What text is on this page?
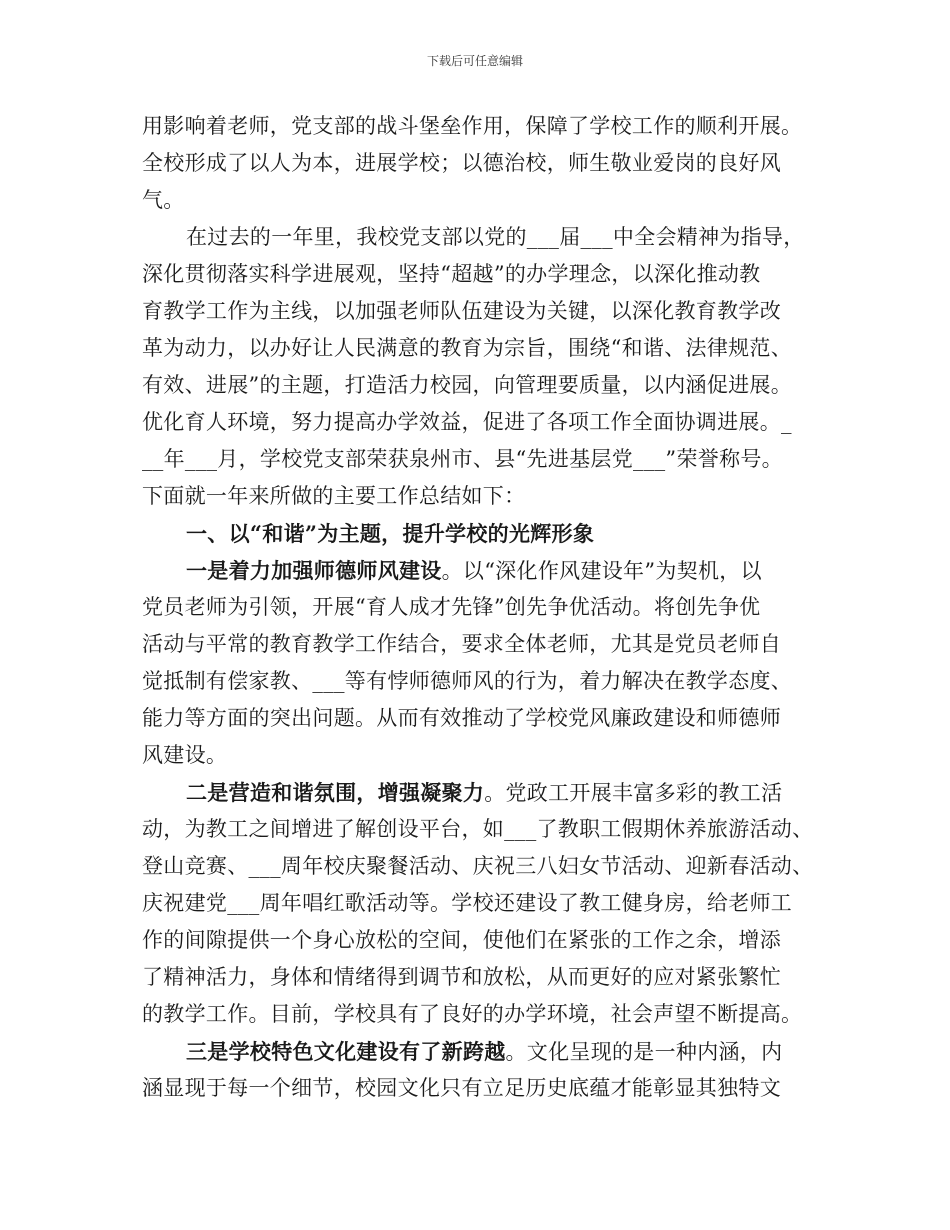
下载后可任意编辑
用影响着老师，党支部的战斗堡垒作用，保障了学校工作的顺利开展。
全校形成了以人为本，进展学校；以德治校，师生敬业爱岗的良好风
气。
在过去的一年里，我校党支部以党的___届___中全会精神为指导，
深化贯彻落实科学进展观，坚持“超越”的办学理念，以深化推动教
育教学工作为主线，以加强老师队伍建设为关键，以深化教育教学改
革为动力，以办好让人民满意的教育为宗旨，围绕“和谐、法律规范、
有效、进展”的主题，打造活力校园，向管理要质量，以内涵促进展。
优化育人环境，努力提高办学效益，促进了各项工作全面协调进展。_
__年___月，学校党支部荣获泉州市、县“先进基层党___”荣誉称号。
下面就一年来所做的主要工作总结如下：
一、以“和谐”为主题，提升学校的光辉形象
一是着力加强师德师风建设。以“深化作风建设年”为契机，以
党员老师为引领，开展“育人成才先锋”创先争优活动。将创先争优
活动与平常的教育教学工作结合，要求全体老师，尤其是党员老师自
觉抵制有偿家教、___等有悖师德师风的行为，着力解决在教学态度、
能力等方面的突出问题。从而有效推动了学校党风廉政建设和师德师
风建设。
二是营造和谐氛围，增强凝聚力。党政工开展丰富多彩的教工活
动，为教工之间增进了解创设平台，如___了教职工假期休养旅游活动、
登山竞赛、___周年校庆聚餐活动、庆祝三八妇女节活动、迎新春活动、
庆祝建党___周年唱红歌活动等。学校还建设了教工健身房，给老师工
作的间隙提供一个身心放松的空间，使他们在紧张的工作之余，增添
了精神活力，身体和情绪得到调节和放松，从而更好的应对紧张繁忙
的教学工作。目前，学校具有了良好的办学环境，社会声望不断提高。
三是学校特色文化建设有了新跨越。文化呈现的是一种内涵，内
涵显现于每一个细节，校园文化只有立足历史底蕴才能彰显其独特文
